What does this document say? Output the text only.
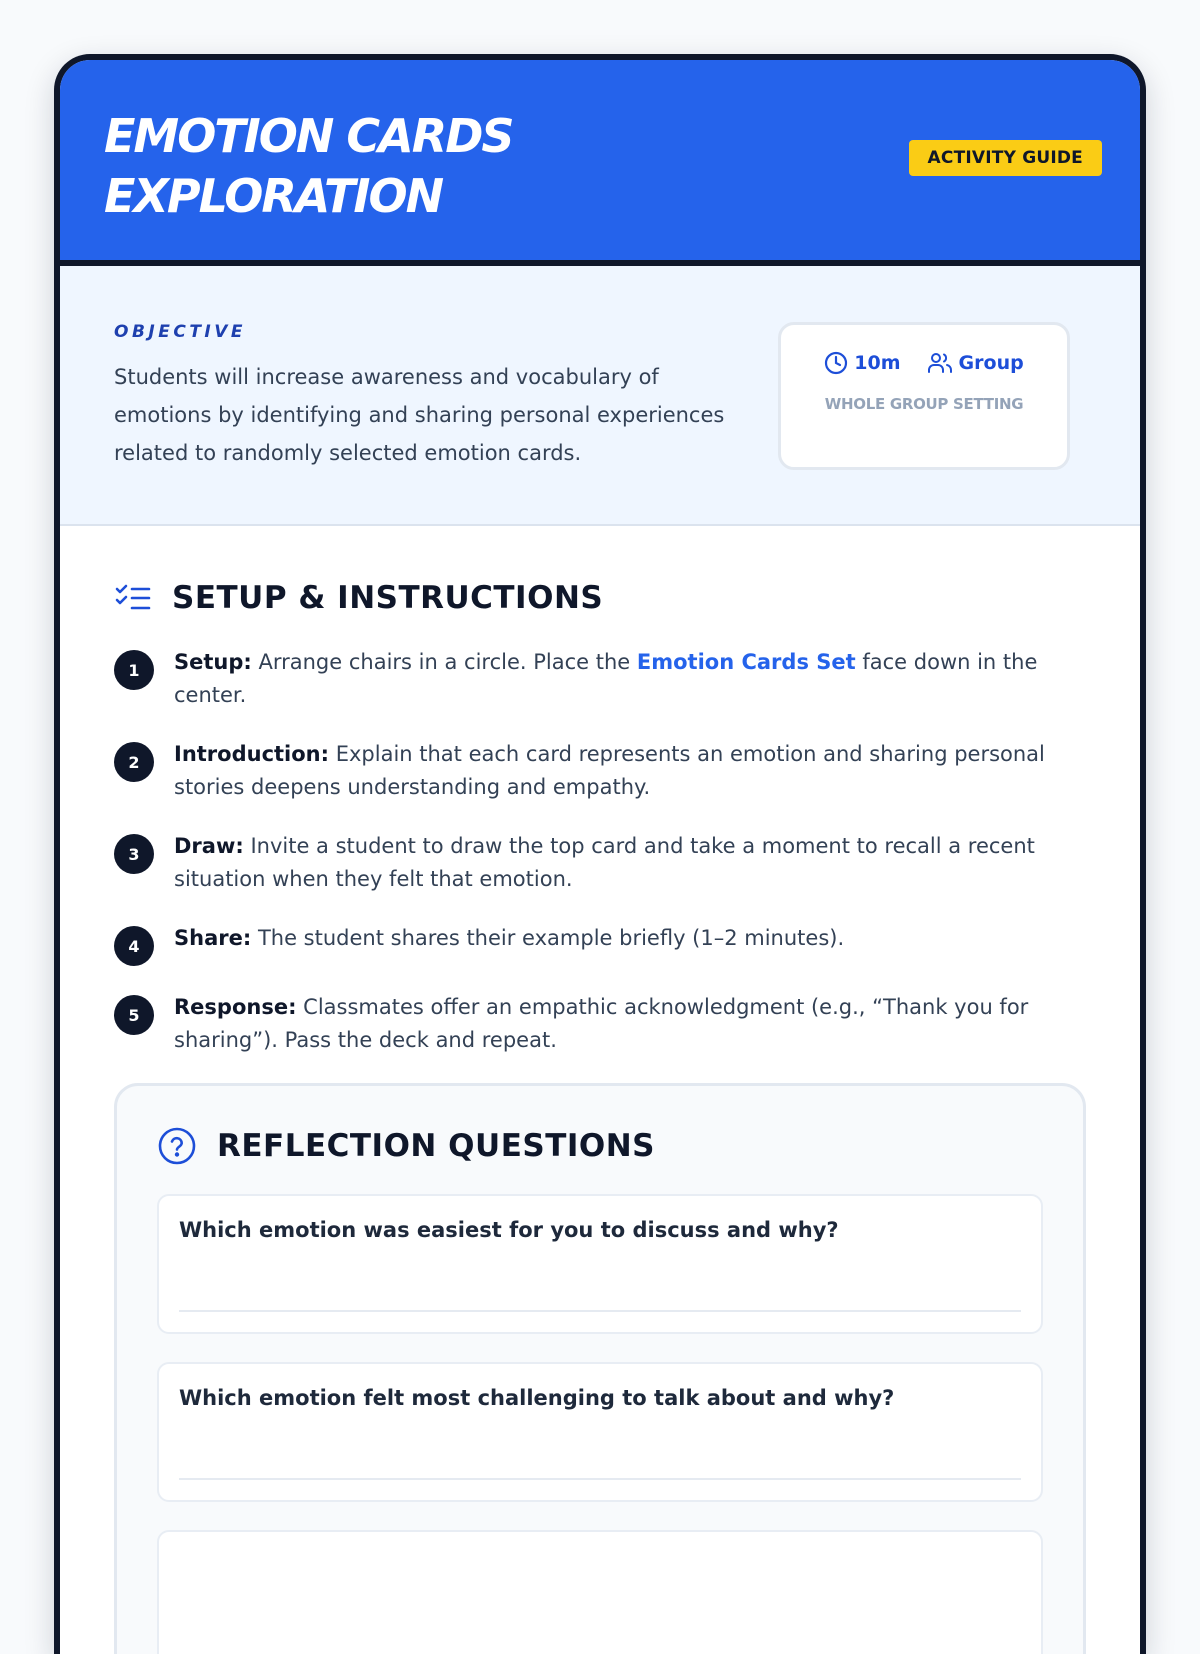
EMOTION CARDS EXPLORATION
ACTIVITY GUIDE
OBJECTIVE

Students will increase awareness and vocabulary of emotions by identifying and sharing personal experiences related to randomly selected emotion cards.

10m	Group
WHOLE GROUP SETTING
SETUP & INSTRUCTIONS
1	Setup: Arrange chairs in a circle. Place the Emotion Cards Set face down in the center.
2	Introduction: Explain that each card represents an emotion and sharing personal stories deepens understanding and empathy.
3	Draw: Invite a student to draw the top card and take a moment to recall a recent situation when they felt that emotion.
4	Share: The student shares their example briefly (1–2 minutes).
5	Response: Classmates offer an empathic acknowledgment (e.g., “Thank you for sharing”). Pass the deck and repeat.
REFLECTION QUESTIONS

Which emotion was easiest for you to discuss and why?

Which emotion felt most challenging to talk about and why?
